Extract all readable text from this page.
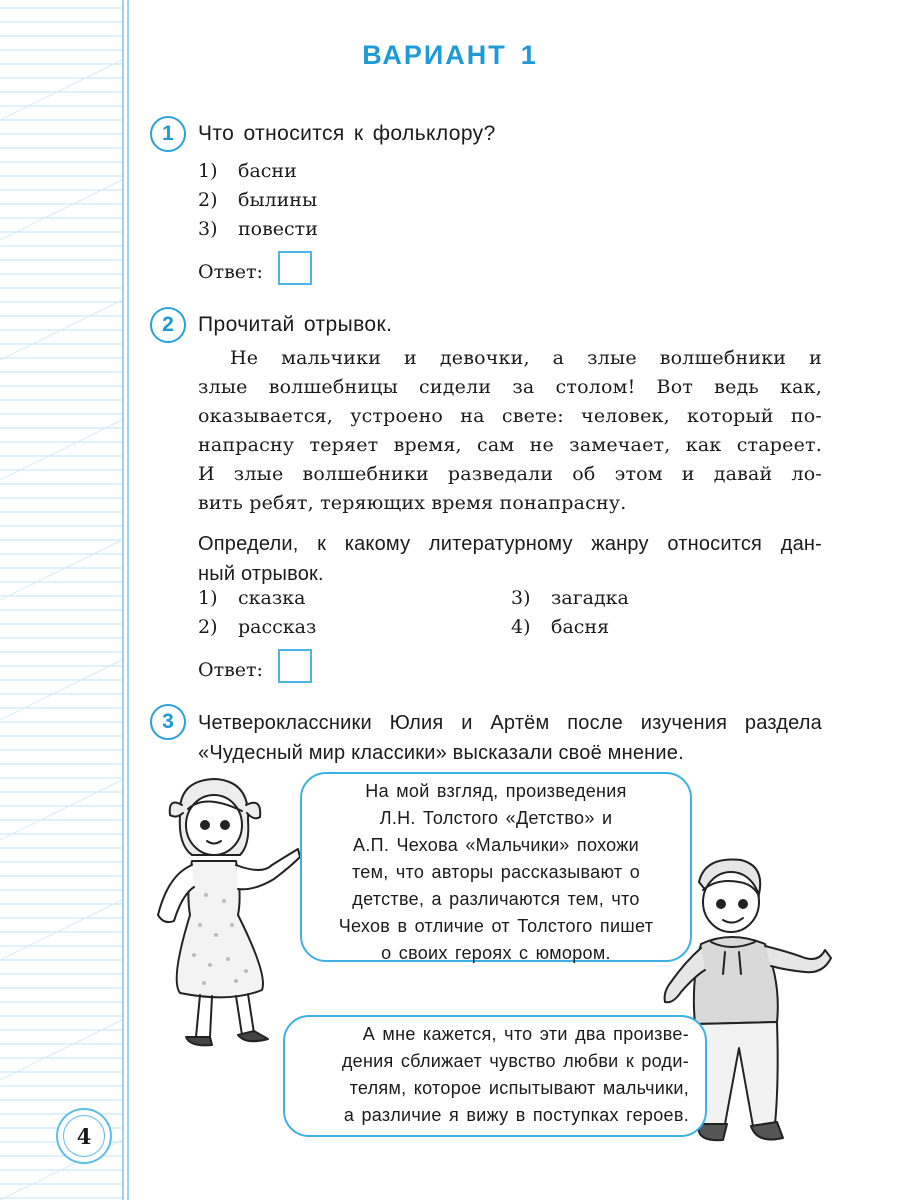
ВАРИАНТ 1
1	Что относится к фольклору?
1) басни
2) былины
3) повести
Ответ:
2	Прочитай отрывок.
Не мальчики и девочки, а злые волшебники и
злые волшебницы сидели за столом! Вот ведь как,
оказывается, устроено на свете: человек, который по-
напрасну теряет время, сам не замечает, как стареет.
И злые волшебники разведали об этом и давай ло-
вить ребят, теряющих время понапрасну.
Определи, к какому литературному жанру относится дан-
ный отрывок.
1) сказка
2) рассказ
3) загадка
4) басня
Ответ:
3	Четвероклассники Юлия и Артём после изучения раздела
«Чудесный мир классики» высказали своё мнение.
На мой взгляд, произведения
Л.Н. Толстого «Детство» и
А.П. Чехова «Мальчики» похожи
тем, что авторы рассказывают о
детстве, а различаются тем, что
Чехов в отличие от Толстого пишет
о своих героях с юмором.
А мне кажется, что эти два произве-
дения сближает чувство любви к роди-
телям, которое испытывают мальчики,
а различие я вижу в поступках героев.
4
